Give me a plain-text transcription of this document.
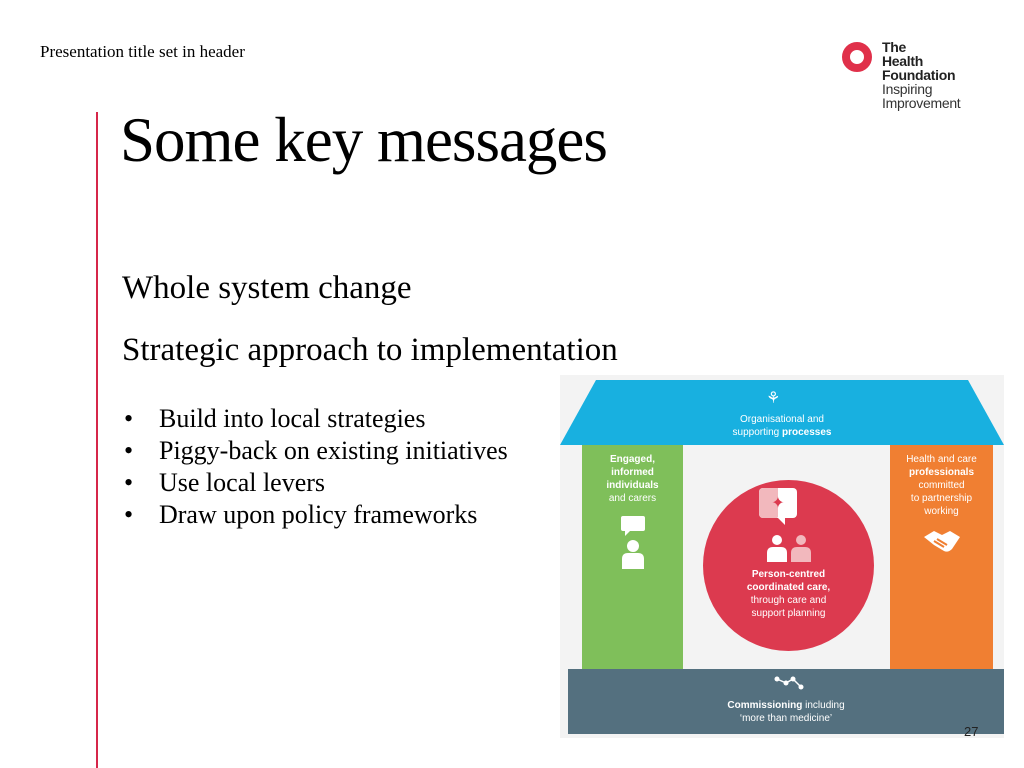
Presentation title set in header	The
Health
Foundation
Inspiring
Improvement
Some key messages
Whole system change
Strategic approach to implementation
• Build into local strategies
• Piggy-back on existing initiatives
• Use local levers
• Draw upon policy frameworks
⚘
Organisational and
supporting processes
Engaged,
informed
individuals
and carers
Health and care
professionals
committed
to partnership
working
✦
Person-centred
coordinated care,
through care and
support planning
Commissioning including
‘more than medicine’
27
